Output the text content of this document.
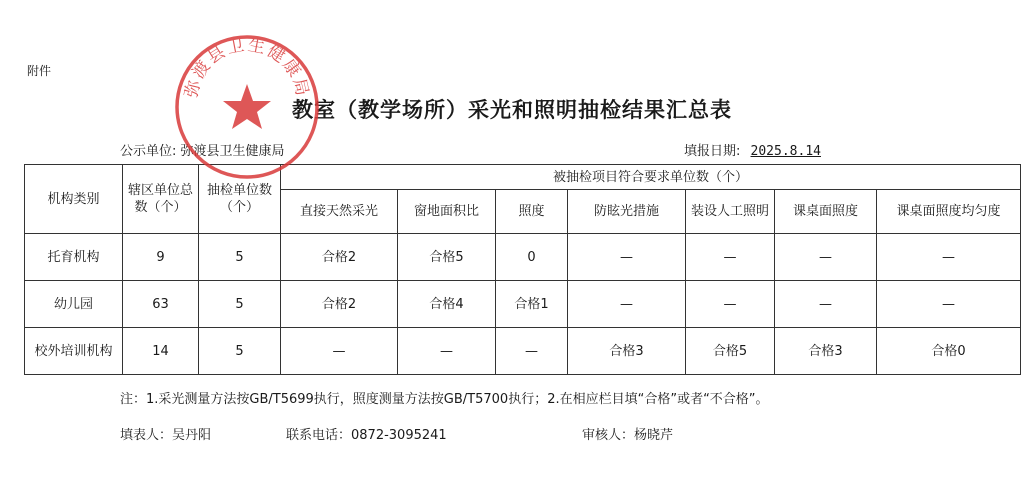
附件
教室（教学场所）采光和照明抽检结果汇总表
公示单位: 弥渡县卫生健康局	填报日期: 2025.8.14
机构类别	辖区单位总数（个）	抽检单位数（个）	被抽检项目符合要求单位数（个）						
			直接天然采光	窗地面积比	照度	防眩光措施	装设人工照明	课桌面照度	课桌面照度均匀度
托育机构	9	5	合格2	合格5	0	—	—	—	—
幼儿园	63	5	合格2	合格4	合格1	—	—	—	—
校外培训机构	14	5	—	—	—	合格3	合格5	合格3	合格0
注：1.采光测量方法按GB/T5699执行，照度测量方法按GB/T5700执行；2.在相应栏目填“合格”或者“不合格”。
填表人：吴丹阳	联系电话：0872-3095241	审核人：杨晓芹
弥渡县卫生健康局
